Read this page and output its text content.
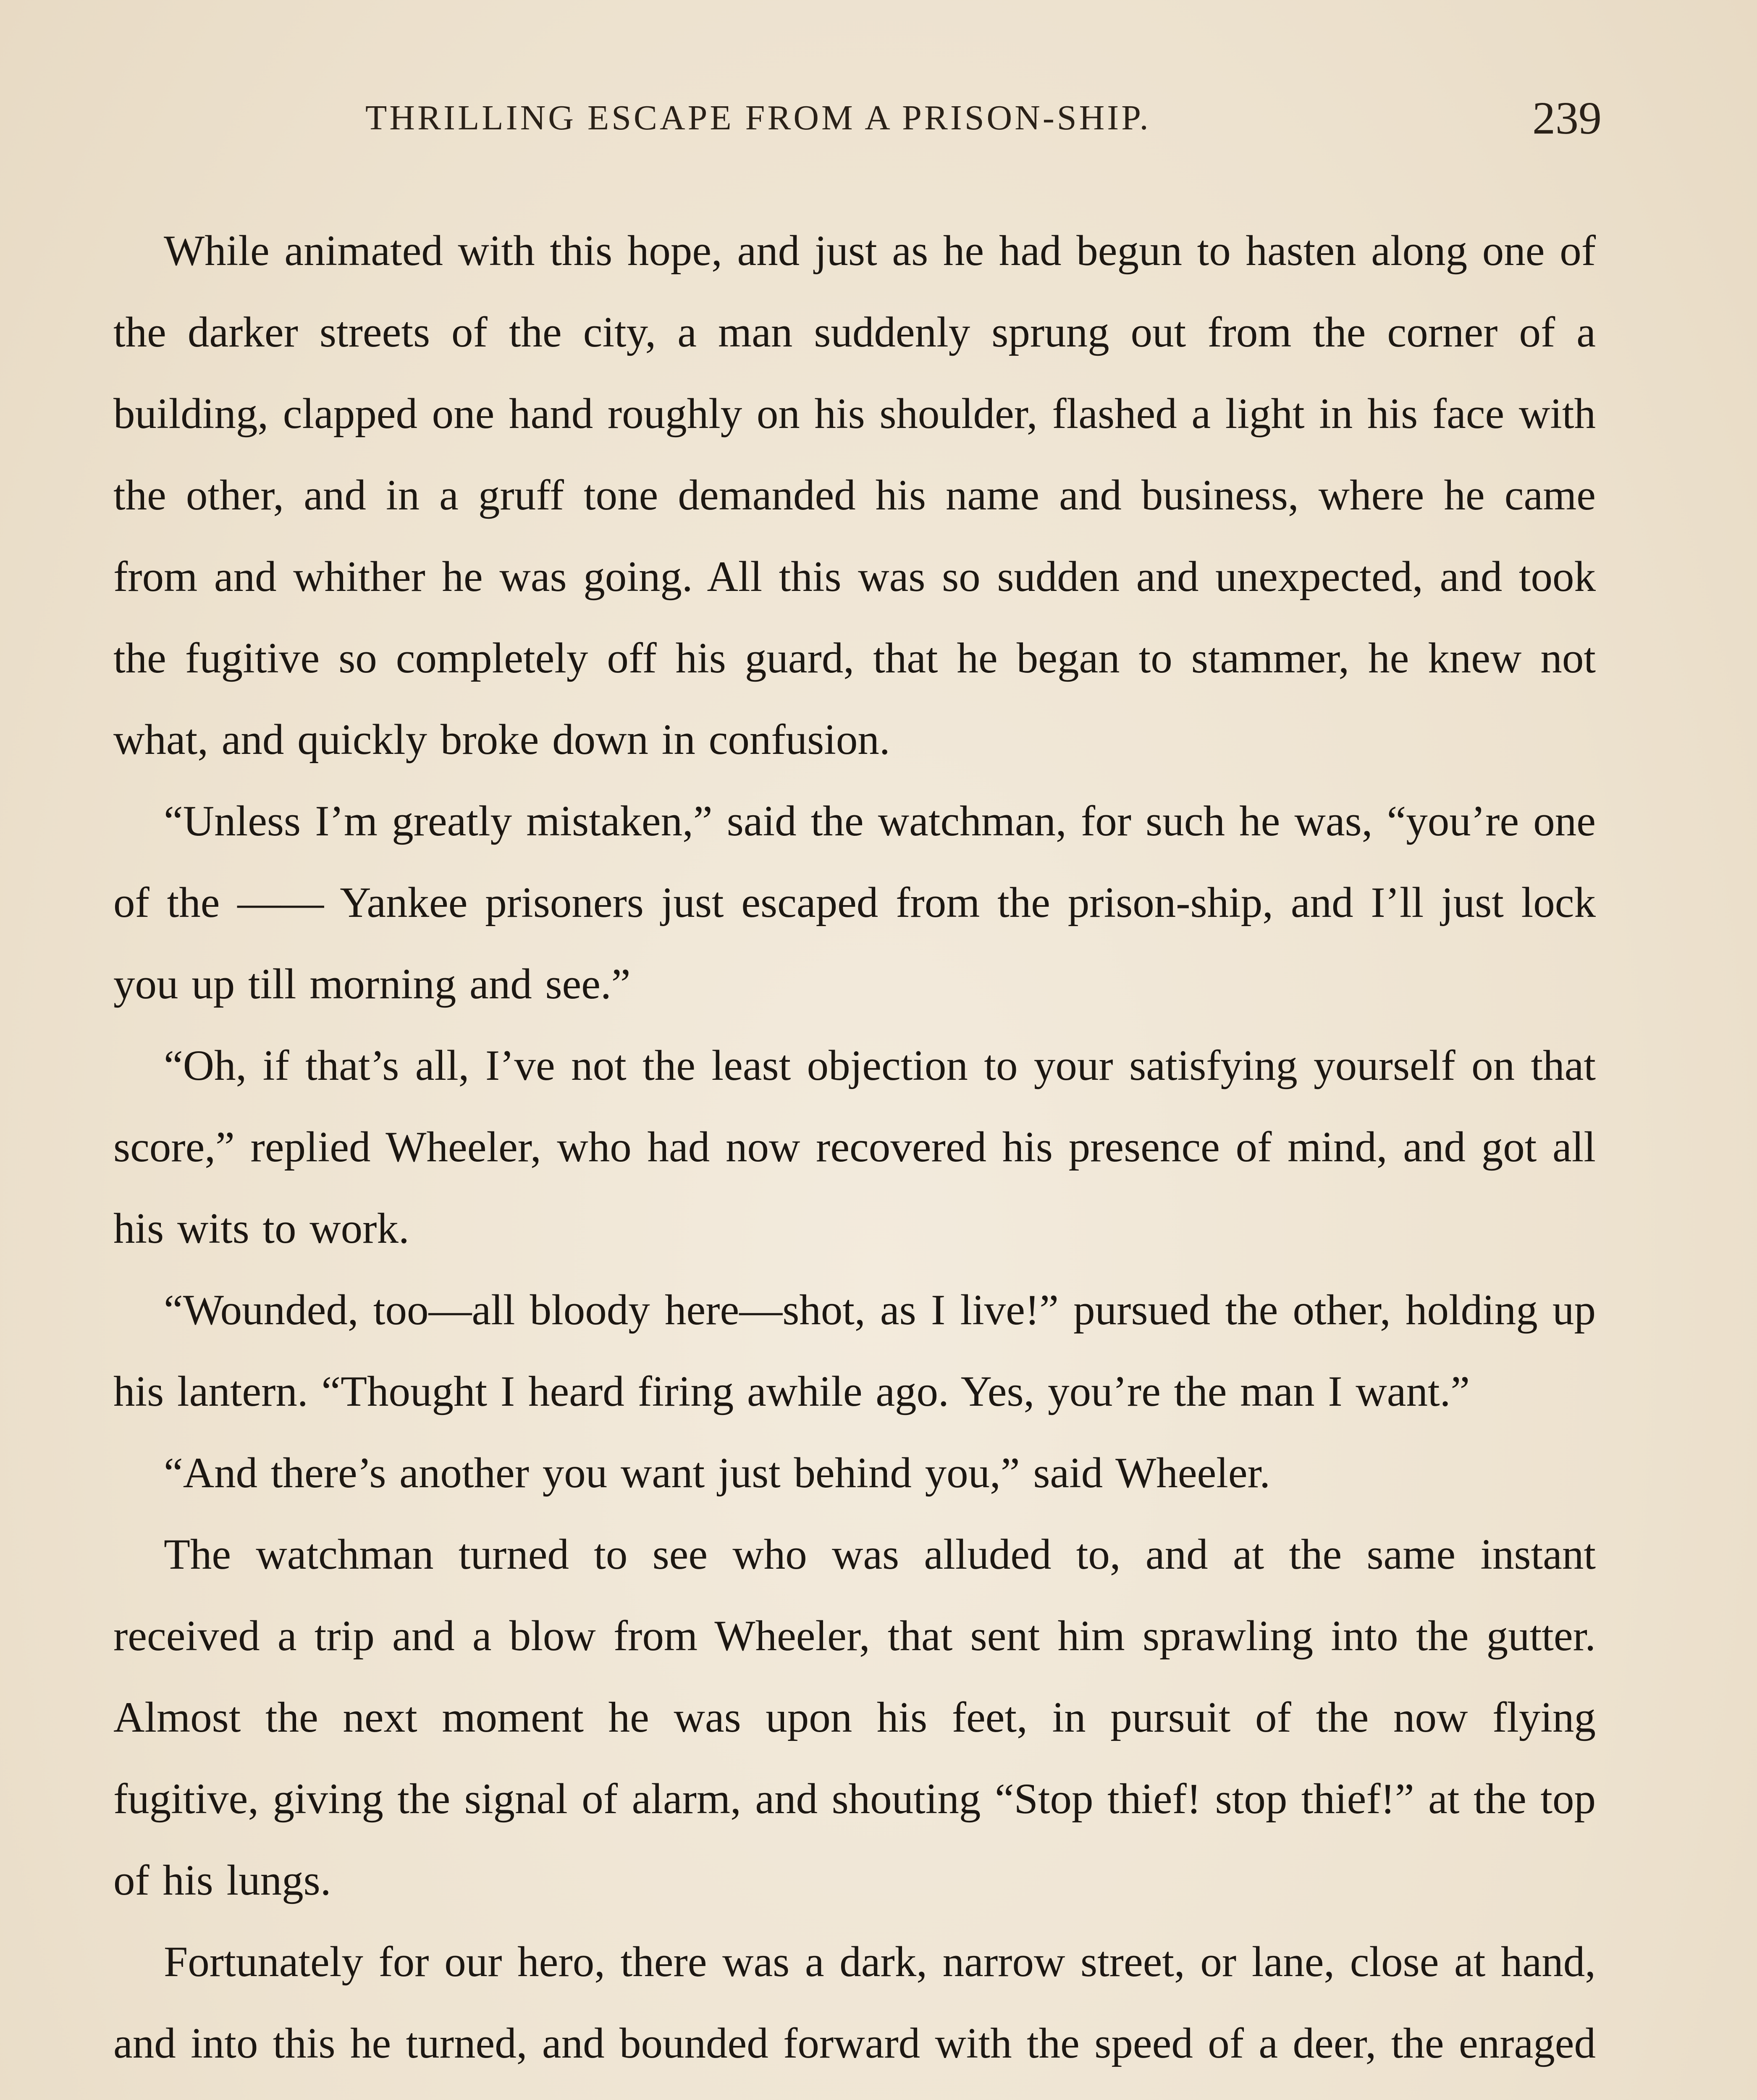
THRILLING ESCAPE FROM A PRISON-SHIP.	239

While animated with this hope, and just as he had begun to hasten along one of the darker streets of the city, a man suddenly sprung out from the corner of a building, clapped one hand roughly on his shoulder, flashed a light in his face with the other, and in a gruff tone demanded his name and business, where he came from and whither he was going. All this was so sudden and unexpected, and took the fugitive so completely off his guard, that he began to stammer, he knew not what, and quickly broke down in confusion.

“Unless I’m greatly mistaken,” said the watchman, for such he was, “you’re one of the —— Yankee prisoners just escaped from the prison-ship, and I’ll just lock you up till morning and see.”

“Oh, if that’s all, I’ve not the least objection to your satisfying yourself on that score,” replied Wheeler, who had now recovered his presence of mind, and got all his wits to work.

“Wounded, too—all bloody here—shot, as I live!” pursued the other, holding up his lantern. “Thought I heard firing awhile ago. Yes, you’re the man I want.”

“And there’s another you want just behind you,” said Wheeler.

The watchman turned to see who was alluded to, and at the same instant received a trip and a blow from Wheeler, that sent him sprawling into the gutter. Almost the next moment he was upon his feet, in pursuit of the now flying fugitive, giving the signal of alarm, and shouting “Stop thief! stop thief!” at the top of his lungs.

Fortunately for our hero, there was a dark, narrow street, or lane, close at hand, and into this he turned, and bounded forward with the speed of a deer, the enraged
